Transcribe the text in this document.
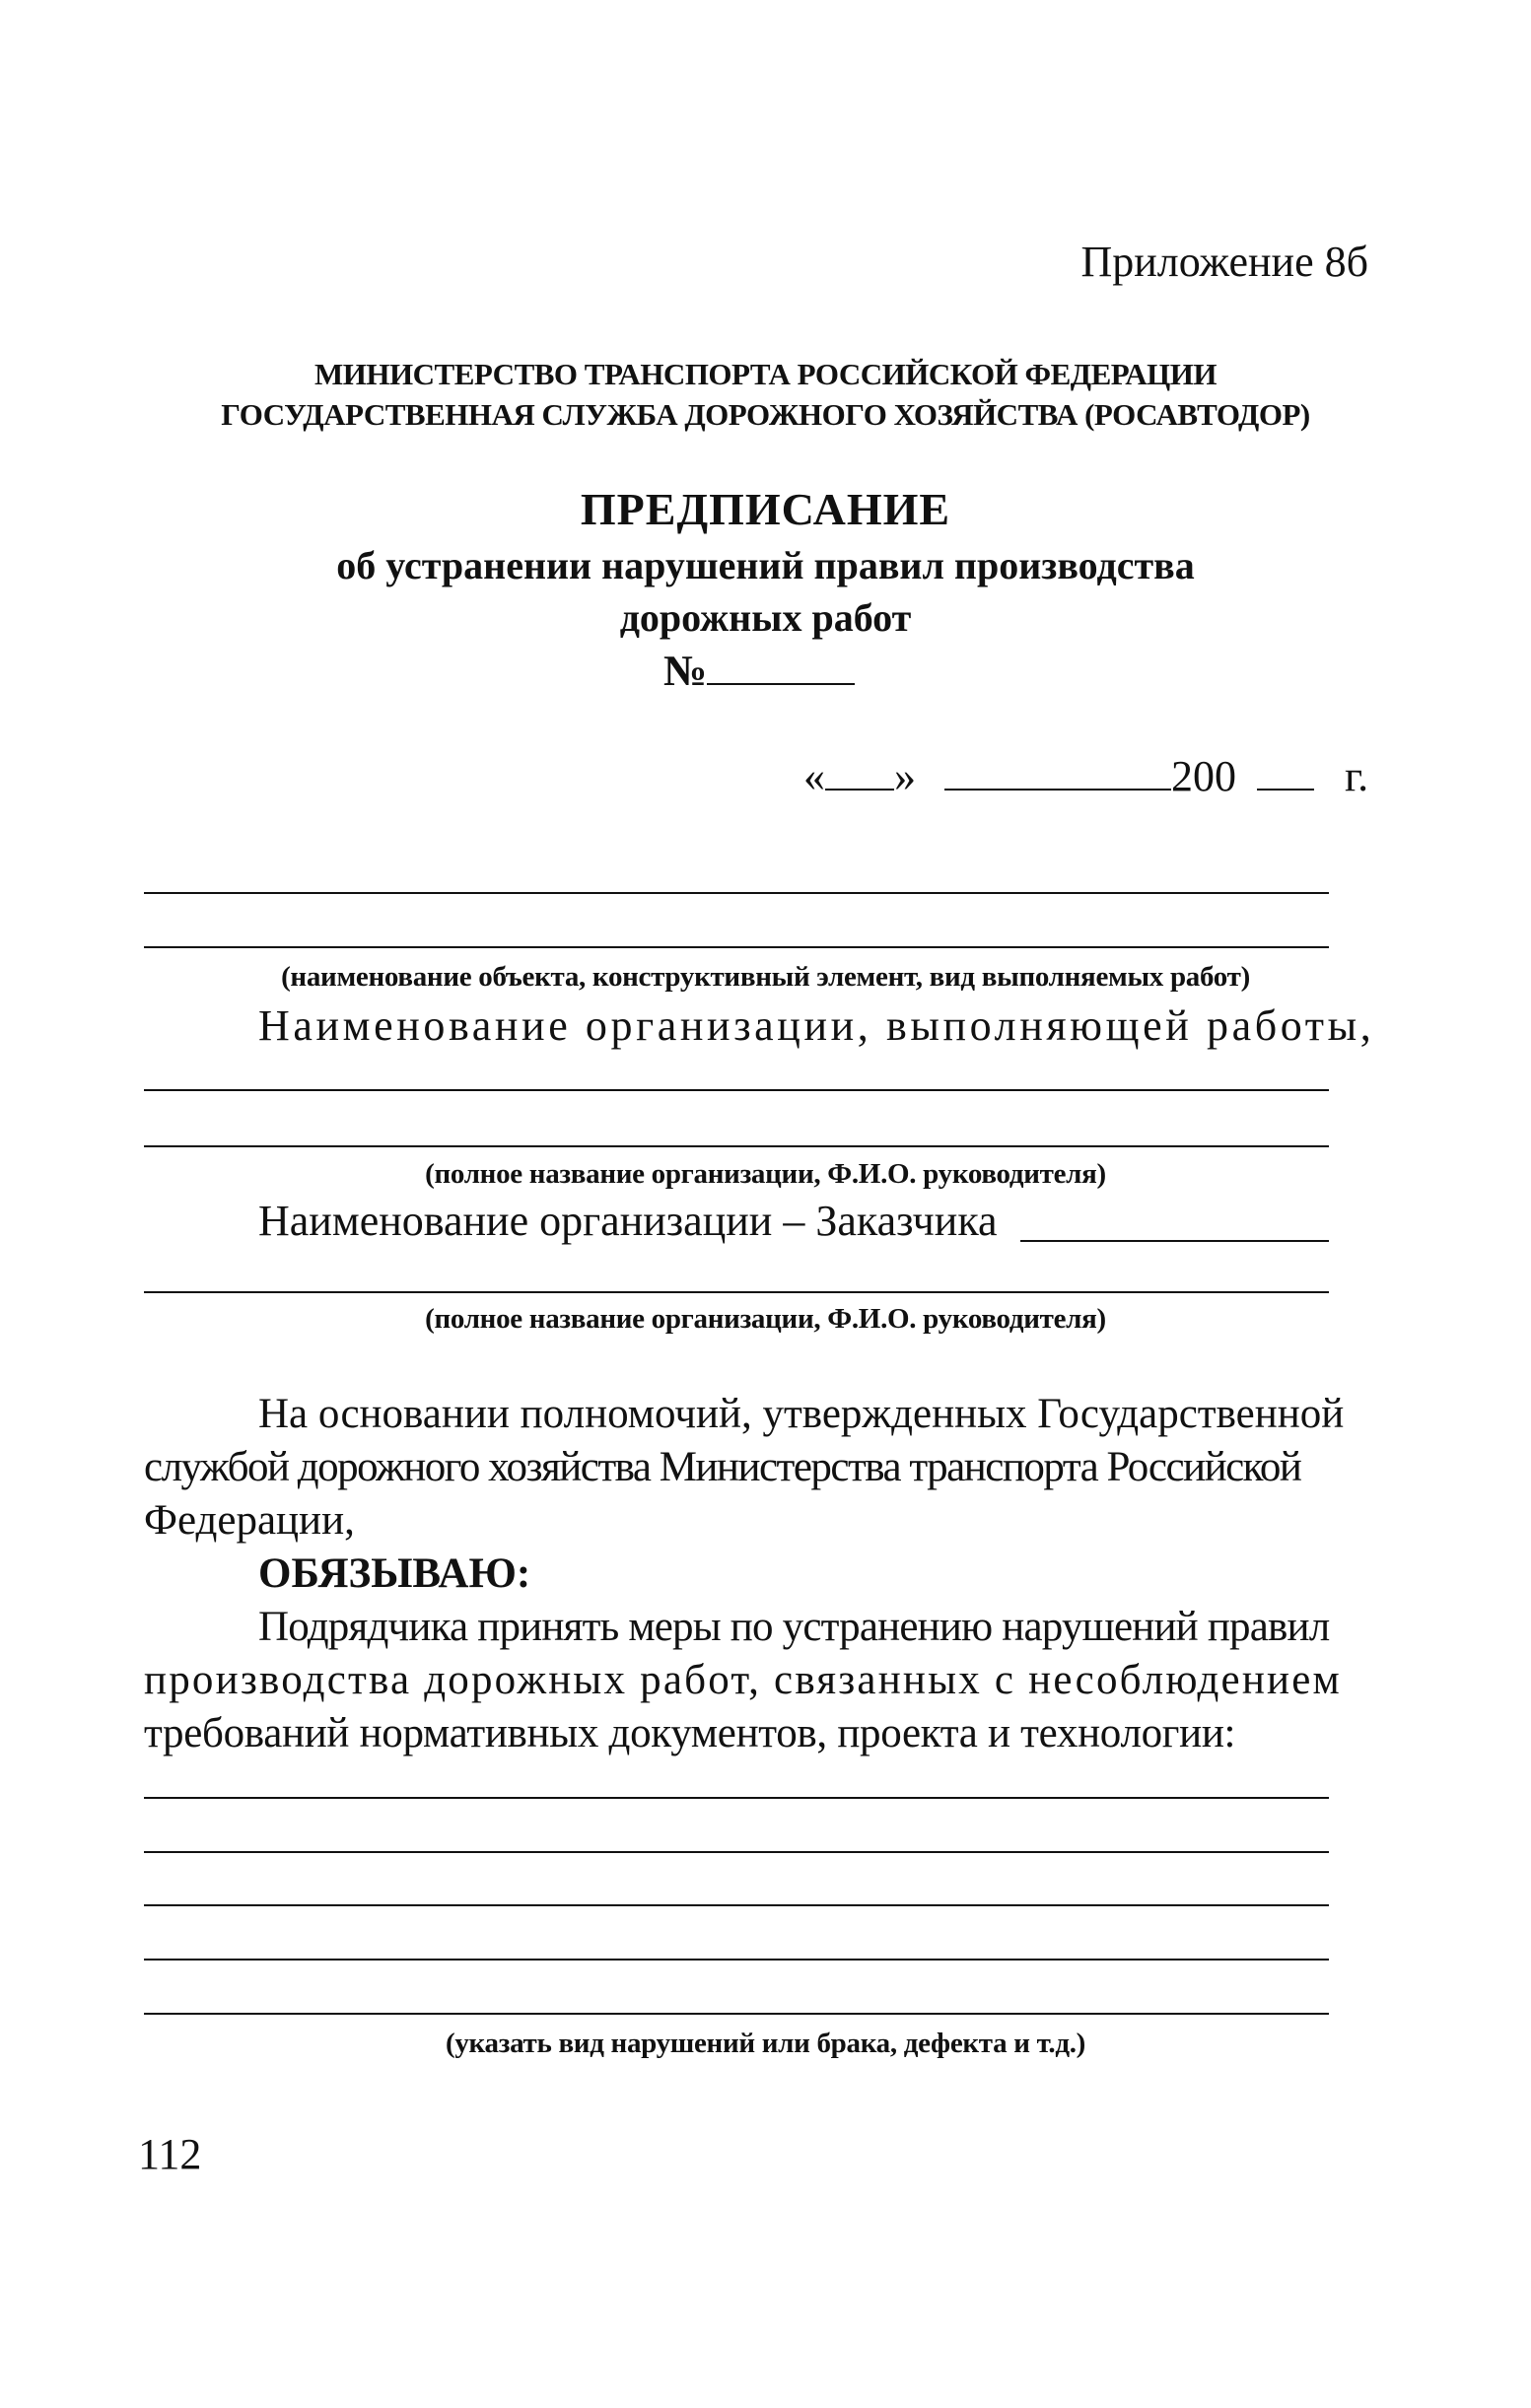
Приложение 8б
МИНИСТЕРСТВО ТРАНСПОРТА РОССИЙСКОЙ ФЕДЕРАЦИИ
ГОСУДАРСТВЕННАЯ СЛУЖБА ДОРОЖНОГО ХОЗЯЙСТВА (РОСАВТОДОР)
ПРЕДПИСАНИЕ
об устранении нарушений правил производства
дорожных работ
№
« »	200	г.
(наименование объекта, конструктивный элемент, вид выполняемых работ)
Наименование организации, выполняющей работы,
(полное название организации, Ф.И.О. руководителя)
Наименование организации – Заказчика
(полное название организации, Ф.И.О. руководителя)
На основании полномочий, утвержденных Государственной
службой дорожного хозяйства Министерства транспорта Российской
Федерации,
ОБЯЗЫВАЮ:
Подрядчика принять меры по устранению нарушений правил
производства дорожных работ, связанных с несоблюдением
требований нормативных документов, проекта и технологии:
(указать вид нарушений или брака, дефекта и т.д.)
112
